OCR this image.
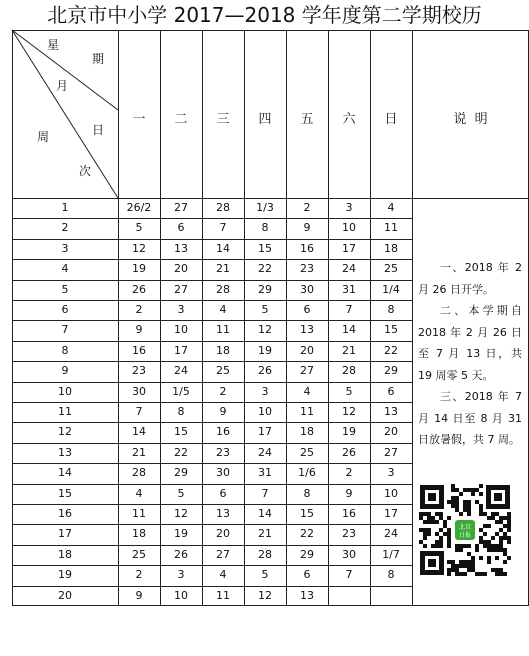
北京市中小学 2017—2018 学年度第二学期校历
星
期
月
日
周
次
一	二	三	四	五	六	日	说  明
1	26/2	27	28	1/3	2	3	4
2	5	6	7	8	9	10	11
3	12	13	14	15	16	17	18
4	19	20	21	22	23	24	25
5	26	27	28	29	30	31	1/4
6	2	3	4	5	6	7	8
7	9	10	11	12	13	14	15
8	16	17	18	19	20	21	22
9	23	24	25	26	27	28	29
10	30	1/5	2	3	4	5	6
11	7	8	9	10	11	12	13
12	14	15	16	17	18	19	20
13	21	22	23	24	25	26	27
14	28	29	30	31	1/6	2	3
15	4	5	6	7	8	9	10
16	11	12	13	14	15	16	17
17	18	19	20	21	22	23	24
18	25	26	27	28	29	30	1/7
19	2	3	4	5	6	7	8
20	9	10	11	12	13

一、2018 年 2 月 26 日开学。

二、本学期自 2018 年 2 月 26 日至 7 月 13 日，共 19 周零 5 天。

三、2018 年 7 月 14 日至 8 月 31 日放暑假，共 7 周。

北京
日报
